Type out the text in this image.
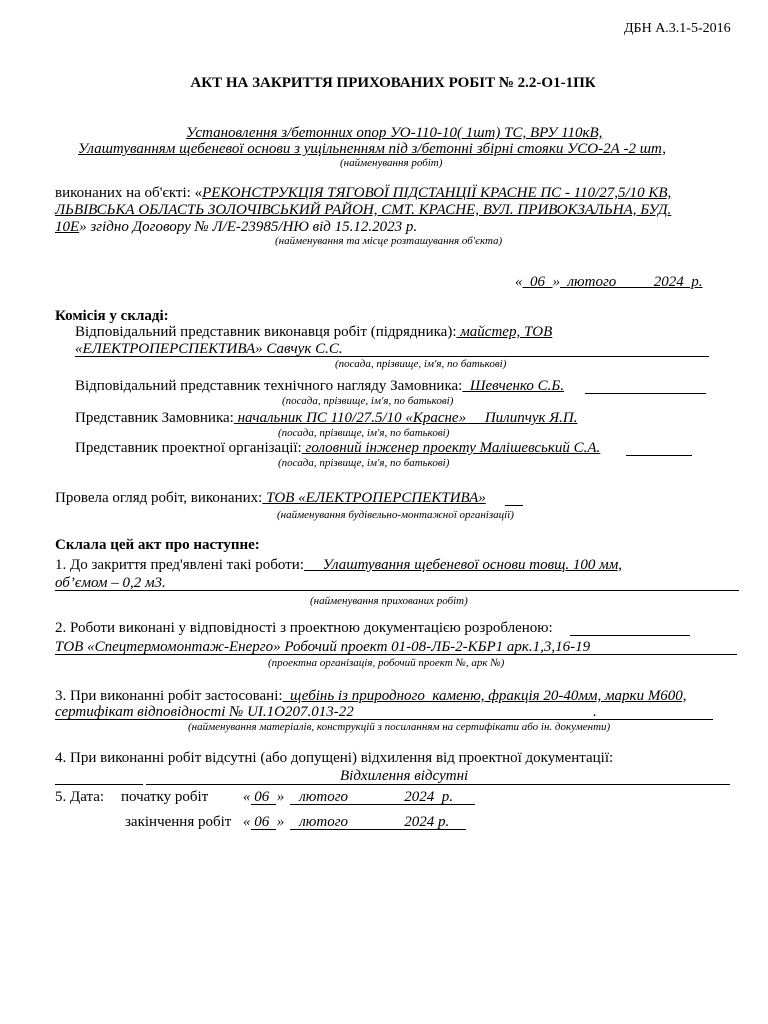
ДБН А.3.1-5-2016
АКТ НА ЗАКРИТТЯ ПРИХОВАНИХ РОБІТ № 2.2-О1-1ПК
Установлення з/бетонних опор УО-110-10( 1шт) ТС, ВРУ 110кВ,
Улаштуванням щебеневої основи з ущільненням під з/бетонні збірні стояки УСО-2А -2 шт,
(найменування робіт)
виконаних на об'єкті: «РЕКОНСТРУКЦІЯ ТЯГОВОЇ ПІДСТАНЦІЇ КРАСНЕ ПС - 110/27,5/10 КВ,
ЛЬВІВСЬКА ОБЛАСТЬ ЗОЛОЧІВСЬКИЙ РАЙОН, СМТ. КРАСНЕ, ВУЛ. ПРИВОКЗАЛЬНА, БУД.
10Е» згідно Договору № Л/Е-23985/НЮ від 15.12.2023 р.
(найменування та місце розташування об'єкта)
«  06  »  лютого          2024  р.
Комісія у складі:
Відповідальний представник виконавця робіт (підрядника): майстер, ТОВ
«ЕЛЕКТРОПЕРСПЕКТИВА» Савчук С.С.
(посада, прізвище, ім'я, по батькові)
Відповідальний представник технічного нагляду Замовника:  Шевченко С.Б.
(посада, прізвище, ім'я, по батькові)
Представник Замовника: начальник ПС 110/27.5/10 «Красне»     Пилипчук Я.П.
(посада, прізвище, ім'я, по батькові)
Представник проектної організації: головний інженер проекту Малішевський С.А.
(посада, прізвище, ім'я, по батькові)
Провела огляд робіт, виконаних: ТОВ «ЕЛЕКТРОПЕРСПЕКТИВА»
(найменування будівельно-монтажної організації)
Склала цей акт про наступне:
1. До закриття пред'явлені такі роботи:     Улаштування щебеневої основи товщ. 100 мм,
об’ємом – 0,2 м3.
(найменування прихованих робіт)
2. Роботи виконані у відповідності з проектною документацією розробленою:
ТОВ «Спецтермомонтаж-Енерго» Робочий проект 01-08-ЛБ-2-КБР1 арк.1,3,16-19
(проектна організація, робочий проект №, арк №)
3. При виконанні робіт застосовані:  щебінь із природного  каменю, фракція 20-40мм, марки М600,
сертифікат відповідності № UI.1O207.013-22	.
(найменування матеріалів, конструкцій з посиланням на сертифікати або ін. документи)
4. При виконанні робіт відсутні (або допущені) відхилення від проектної документації:
Відхилення відсутні
5. Дата: початку робіт « 06  »    лютого               2024  р.
закінчення робіт « 06  »    лютого               2024 р.
